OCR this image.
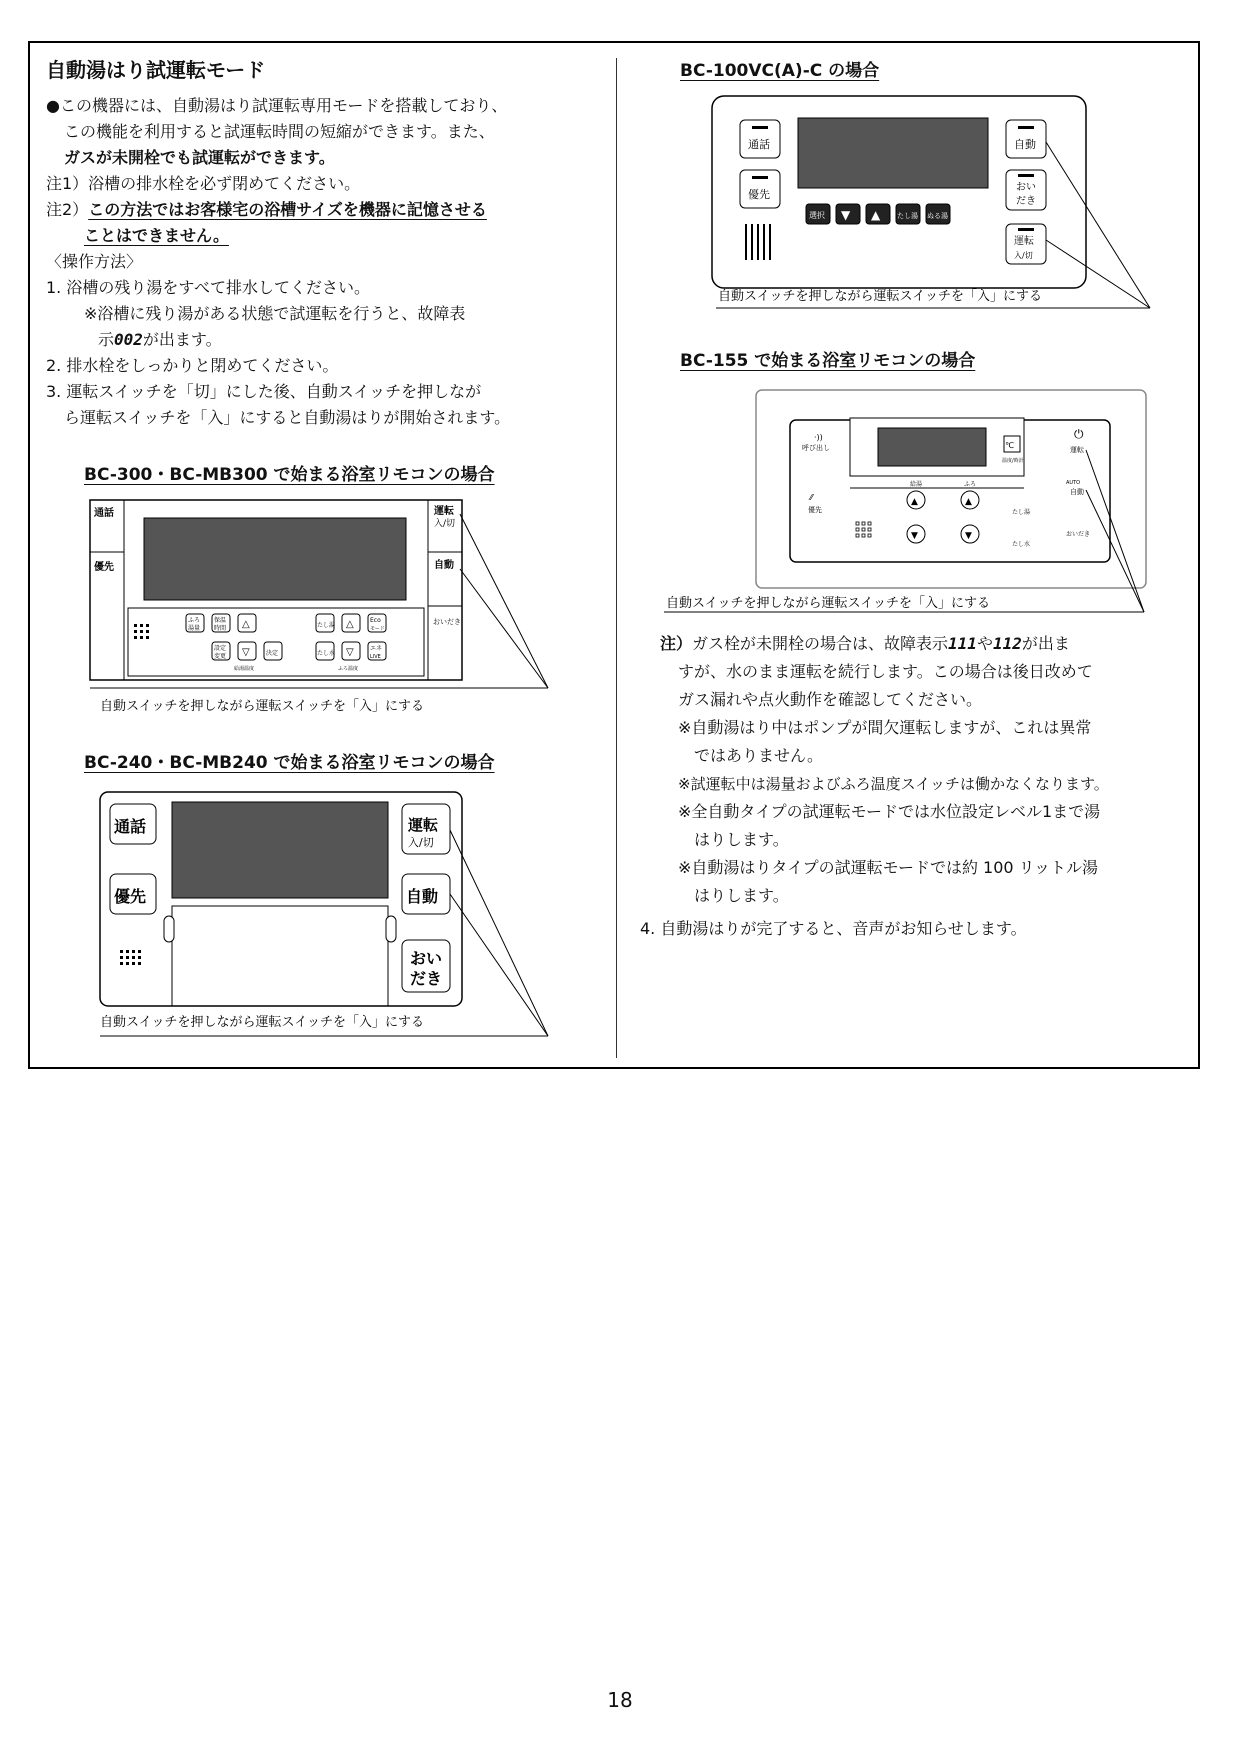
自動湯はり試運転モード

●この機器には、自動湯はり試運転専用モードを搭載しており、

この機能を利用すると試運転時間の短縮ができます。また、

ガスが未開栓でも試運転ができます。

注1）浴槽の排水栓を必ず閉めてください。

注2）この方法ではお客様宅の浴槽サイズを機器に記憶させる

ことはできません。

〈操作方法〉

1. 浴槽の残り湯をすべて排水してください。

※浴槽に残り湯がある状態で試運転を行うと、故障表

示002が出ます。

2. 排水栓をしっかりと閉めてください。

3. 運転スイッチを「切」にした後、自動スイッチを押しなが

ら運転スイッチを「入」にすると自動湯はりが開始されます。

BC-300・BC-MB300 で始まる浴室リモコンの場合

通話
優先
運転
入/切
自動
おいだき
ふろ
湯量
保温
時間 △	たし湯 △	Eco
モード
設定
変更 ▽	決定	たし水 ▽	エネ
LIVE
給湯温度	ふろ温度
自動スイッチを押しながら運転スイッチを「入」にする

BC-240・BC-MB240 で始まる浴室リモコンの場合

通話
優先
運転
入/切
自動
おい
だき
自動スイッチを押しながら運転スイッチを「入」にする

BC-100VC(A)-C の場合

通話
優先
自動
おい
だき
運転
入/切
選択 ▼ ▲ たし湯 ぬる湯
自動スイッチを押しながら運転スイッチを「入」にする

BC-155 で始まる浴室リモコンの場合

·))
呼び出し
⁄⁄
優先
℃
温度/時計
⏻
運転
AUTO
自動
おいだき
給湯	ふろ
▲
▼
▲
▼
たし湯
たし水
自動スイッチを押しながら運転スイッチを「入」にする

注）ガス栓が未開栓の場合は、故障表示111や112が出ま

すが、水のまま運転を続行します。この場合は後日改めて

ガス漏れや点火動作を確認してください。

※自動湯はり中はポンプが間欠運転しますが、これは異常

ではありません。

※試運転中は湯量およびふろ温度スイッチは働かなくなります。

※全自動タイプの試運転モードでは水位設定レベル1まで湯

はりします。

※自動湯はりタイプの試運転モードでは約 100 リットル湯

はりします。

4. 自動湯はりが完了すると、音声がお知らせします。

18
